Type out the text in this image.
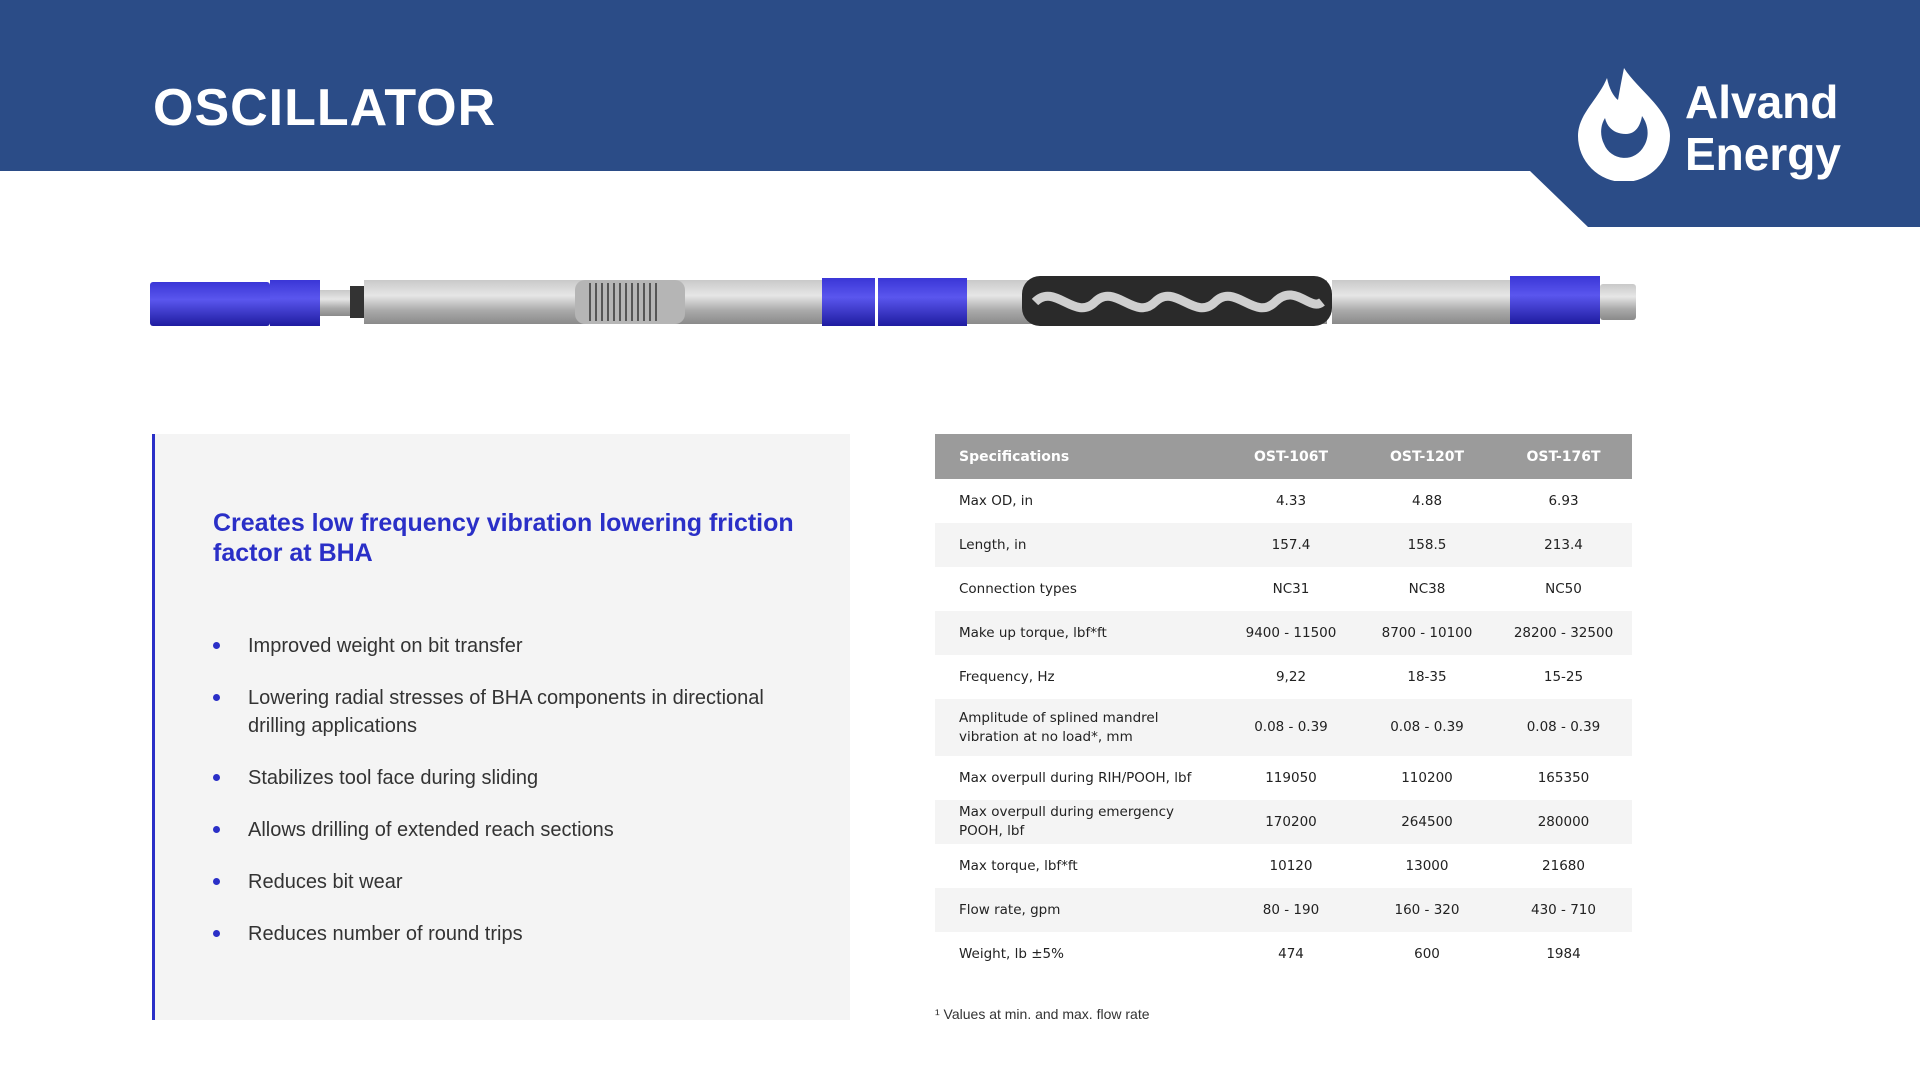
OSCILLATOR	Alvand
Energy
Creates low frequency vibration lowering friction factor at BHA
Improved weight on bit transfer
Lowering radial stresses of BHA components in directional drilling applications
Stabilizes tool face during sliding
Allows drilling of extended reach sections
Reduces bit wear
Reduces number of round trips
Specifications	OST-106T	OST-120T	OST-176T
Max OD, in	4.33	4.88	6.93
Length, in	157.4	158.5	213.4
Connection types	NC31	NC38	NC50
Make up torque, lbf*ft	9400 - 11500	8700 - 10100	28200 - 32500
Frequency, Hz	9,22	18-35	15-25
Amplitude of splined mandrel vibration at no load*, mm	0.08 - 0.39	0.08 - 0.39	0.08 - 0.39
Max overpull during RIH/POOH, lbf	119050	110200	165350
Max overpull during emergency POOH, lbf	170200	264500	280000
Max torque, lbf*ft	10120	13000	21680
Flow rate, gpm	80 - 190	160 - 320	430 - 710
Weight, lb ±5%	474	600	1984

¹ Values at min. and max. flow rate
